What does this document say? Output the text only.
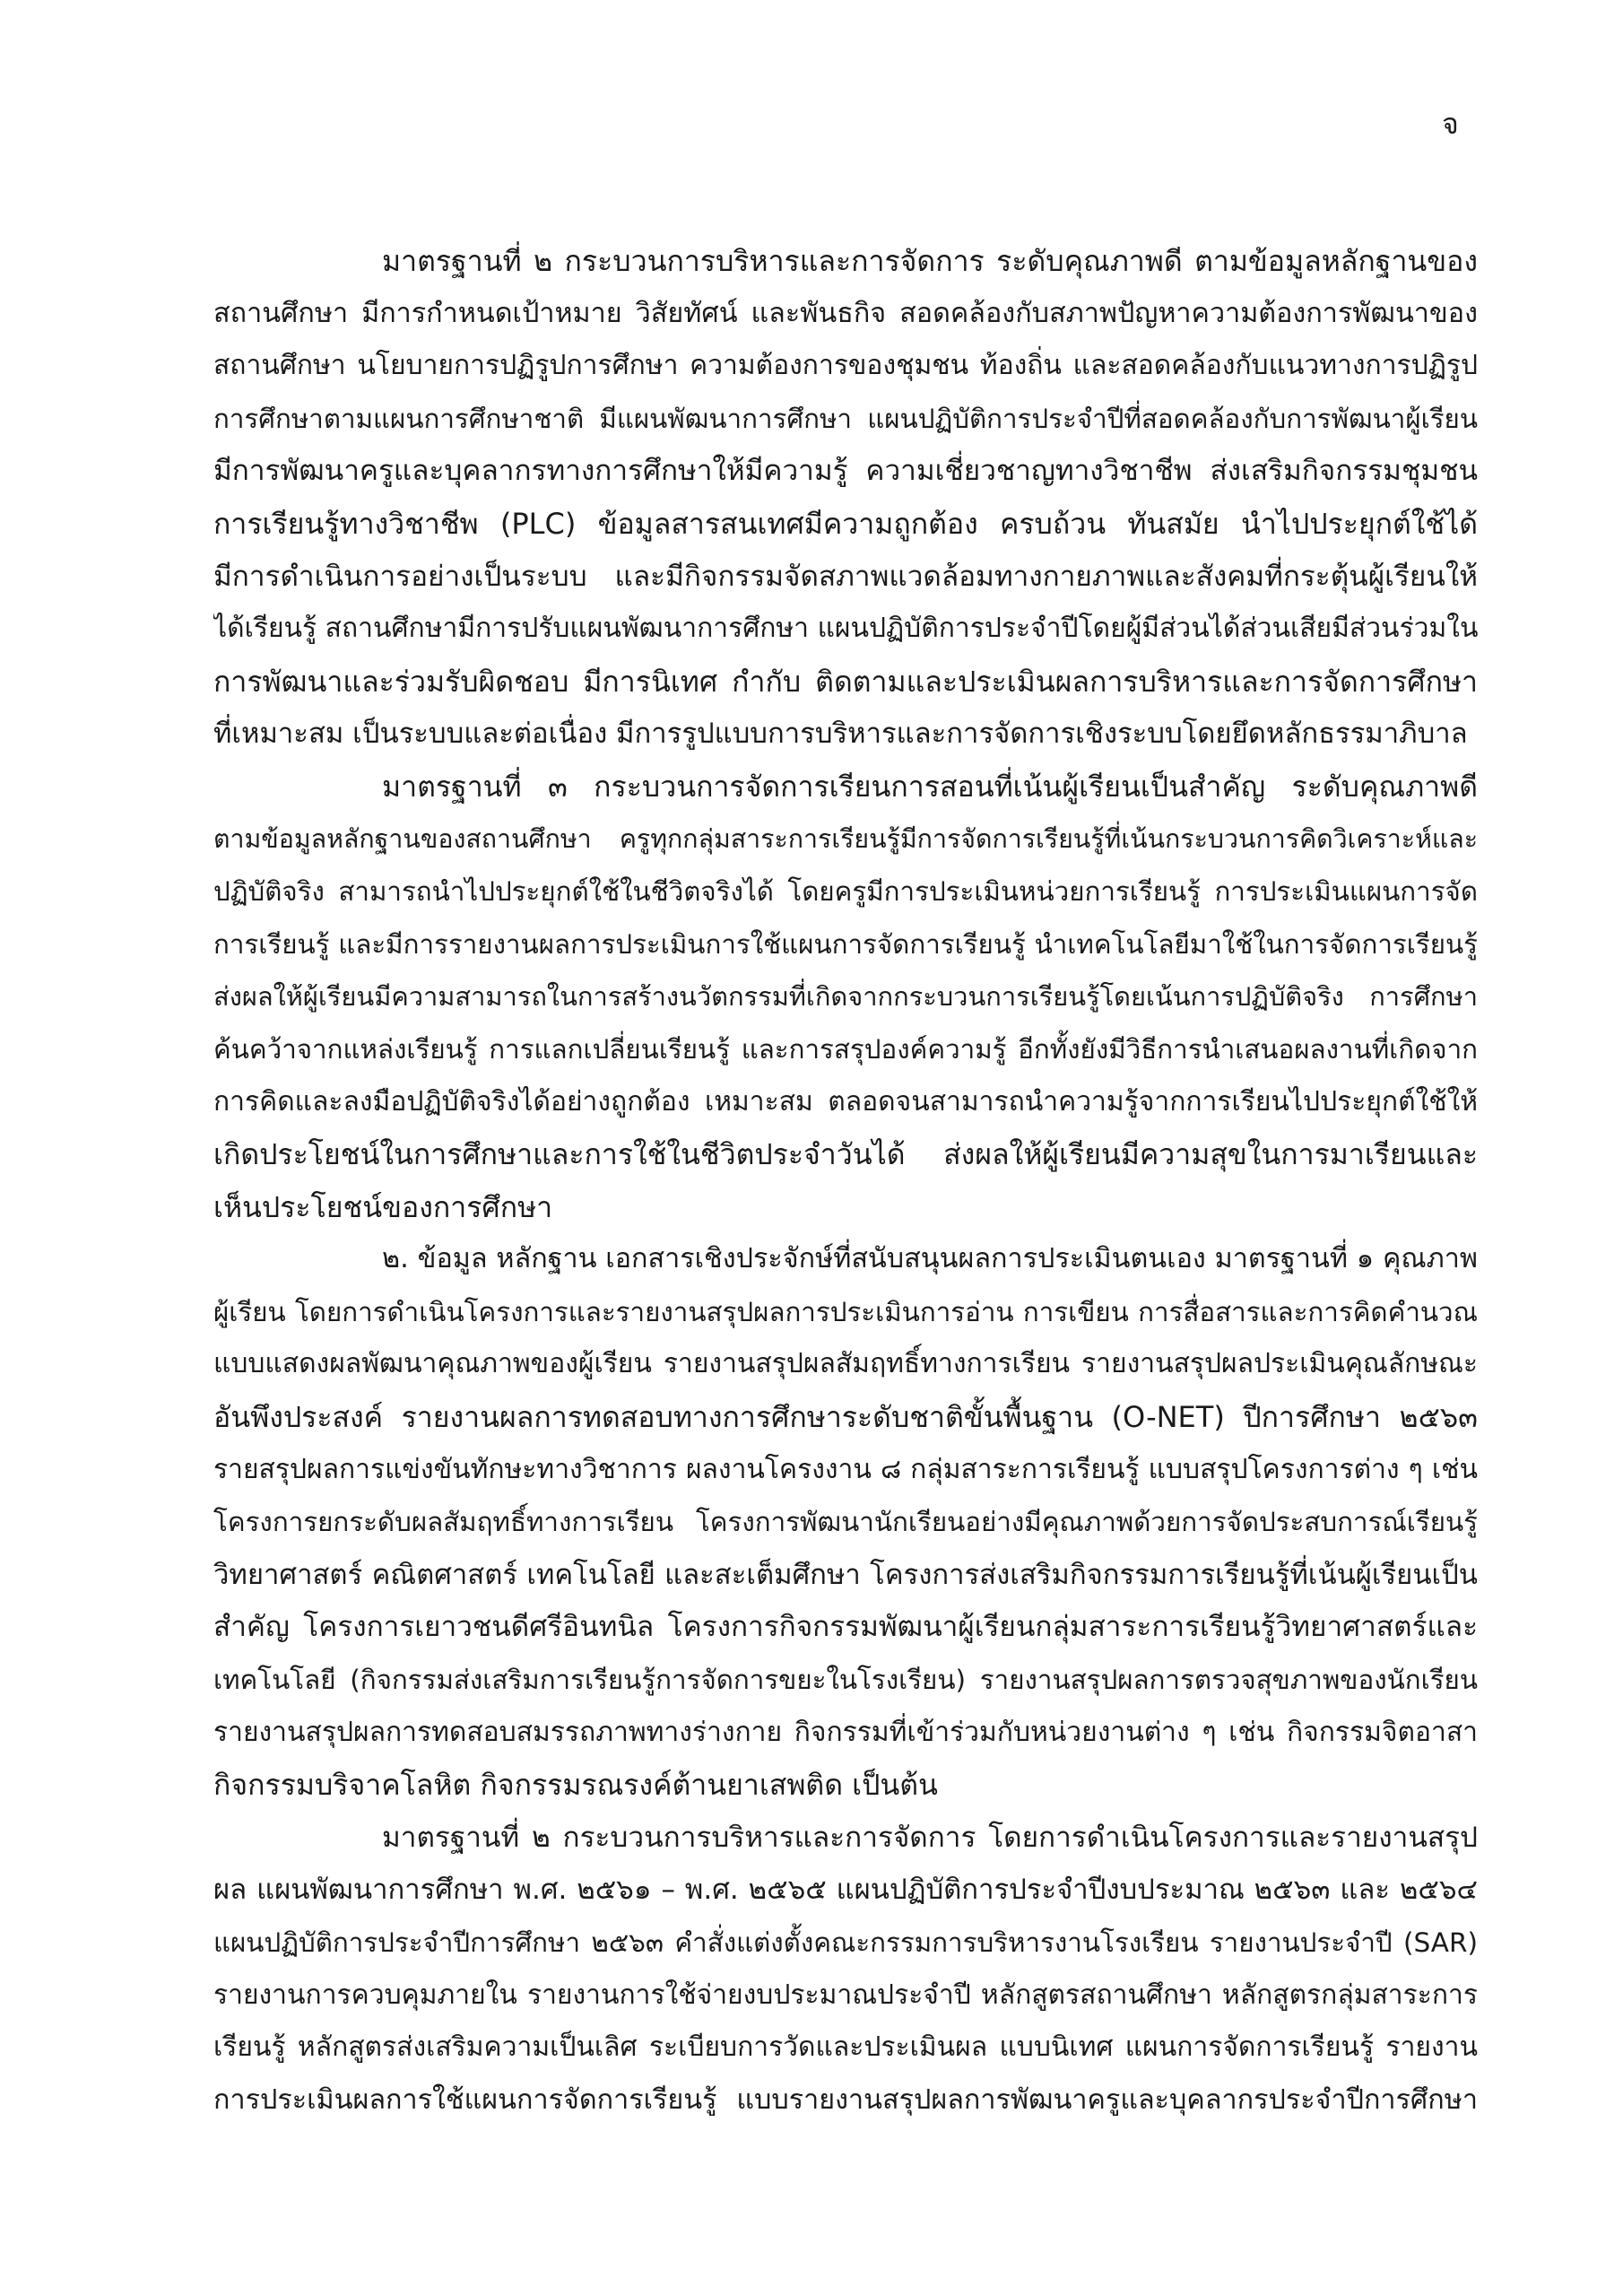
จ
มาตรฐานที่ ๒ กระบวนการบริหารและการจัดการ ระดับคุณภาพดี ตามข้อมูลหลักฐานของ
สถานศึกษา มีการกำหนดเป้าหมาย วิสัยทัศน์ และพันธกิจ สอดคล้องกับสภาพปัญหาความต้องการพัฒนาของ
สถานศึกษา นโยบายการปฏิรูปการศึกษา ความต้องการของชุมชน ท้องถิ่น และสอดคล้องกับแนวทางการปฏิรูป
การศึกษาตามแผนการศึกษาชาติ มีแผนพัฒนาการศึกษา แผนปฏิบัติการประจำปีที่สอดคล้องกับการพัฒนาผู้เรียน
มีการพัฒนาครูและบุคลากรทางการศึกษาให้มีความรู้ ความเชี่ยวชาญทางวิชาชีพ ส่งเสริมกิจกรรมชุมชน
การเรียนรู้ทางวิชาชีพ (PLC) ข้อมูลสารสนเทศมีความถูกต้อง ครบถ้วน ทันสมัย นำไปประยุกต์ใช้ได้
มีการดำเนินการอย่างเป็นระบบ และมีกิจกรรมจัดสภาพแวดล้อมทางกายภาพและสังคมที่กระตุ้นผู้เรียนให้
ได้เรียนรู้ สถานศึกษามีการปรับแผนพัฒนาการศึกษา แผนปฏิบัติการประจำปีโดยผู้มีส่วนได้ส่วนเสียมีส่วนร่วมใน
การพัฒนาและร่วมรับผิดชอบ มีการนิเทศ กำกับ ติดตามและประเมินผลการบริหารและการจัดการศึกษา
ที่เหมาะสม เป็นระบบและต่อเนื่อง มีการรูปแบบการบริหารและการจัดการเชิงระบบโดยยึดหลักธรรมาภิบาล
มาตรฐานที่ ๓ กระบวนการจัดการเรียนการสอนที่เน้นผู้เรียนเป็นสำคัญ ระดับคุณภาพดี
ตามข้อมูลหลักฐานของสถานศึกษา ครูทุกกลุ่มสาระการเรียนรู้มีการจัดการเรียนรู้ที่เน้นกระบวนการคิดวิเคราะห์และ
ปฏิบัติจริง สามารถนำไปประยุกต์ใช้ในชีวิตจริงได้ โดยครูมีการประเมินหน่วยการเรียนรู้ การประเมินแผนการจัด
การเรียนรู้ และมีการรายงานผลการประเมินการใช้แผนการจัดการเรียนรู้ นำเทคโนโลยีมาใช้ในการจัดการเรียนรู้
ส่งผลให้ผู้เรียนมีความสามารถในการสร้างนวัตกรรมที่เกิดจากกระบวนการเรียนรู้โดยเน้นการปฏิบัติจริง การศึกษา
ค้นคว้าจากแหล่งเรียนรู้ การแลกเปลี่ยนเรียนรู้ และการสรุปองค์ความรู้ อีกทั้งยังมีวิธีการนำเสนอผลงานที่เกิดจาก
การคิดและลงมือปฏิบัติจริงได้อย่างถูกต้อง เหมาะสม ตลอดจนสามารถนำความรู้จากการเรียนไปประยุกต์ใช้ให้
เกิดประโยชน์ในการศึกษาและการใช้ในชีวิตประจำวันได้ ส่งผลให้ผู้เรียนมีความสุขในการมาเรียนและ
เห็นประโยชน์ของการศึกษา
๒. ข้อมูล หลักฐาน เอกสารเชิงประจักษ์ที่สนับสนุนผลการประเมินตนเอง มาตรฐานที่ ๑ คุณภาพ
ผู้เรียน โดยการดำเนินโครงการและรายงานสรุปผลการประเมินการอ่าน การเขียน การสื่อสารและการคิดคำนวณ
แบบแสดงผลพัฒนาคุณภาพของผู้เรียน รายงานสรุปผลสัมฤทธิ์ทางการเรียน รายงานสรุปผลประเมินคุณลักษณะ
อันพึงประสงค์ รายงานผลการทดสอบทางการศึกษาระดับชาติขั้นพื้นฐาน (O-NET) ปีการศึกษา ๒๕๖๓
รายสรุปผลการแข่งขันทักษะทางวิชาการ ผลงานโครงงาน ๘ กลุ่มสาระการเรียนรู้ แบบสรุปโครงการต่าง ๆ เช่น
โครงการยกระดับผลสัมฤทธิ์ทางการเรียน โครงการพัฒนานักเรียนอย่างมีคุณภาพด้วยการจัดประสบการณ์เรียนรู้
วิทยาศาสตร์ คณิตศาสตร์ เทคโนโลยี และสะเต็มศึกษา โครงการส่งเสริมกิจกรรมการเรียนรู้ที่เน้นผู้เรียนเป็น
สำคัญ โครงการเยาวชนดีศรีอินทนิล โครงการกิจกรรมพัฒนาผู้เรียนกลุ่มสาระการเรียนรู้วิทยาศาสตร์และ
เทคโนโลยี (กิจกรรมส่งเสริมการเรียนรู้การจัดการขยะในโรงเรียน) รายงานสรุปผลการตรวจสุขภาพของนักเรียน
รายงานสรุปผลการทดสอบสมรรถภาพทางร่างกาย กิจกรรมที่เข้าร่วมกับหน่วยงานต่าง ๆ เช่น กิจกรรมจิตอาสา
กิจกรรมบริจาคโลหิต กิจกรรมรณรงค์ต้านยาเสพติด เป็นต้น
มาตรฐานที่ ๒ กระบวนการบริหารและการจัดการ โดยการดำเนินโครงการและรายงานสรุป
ผล แผนพัฒนาการศึกษา พ.ศ. ๒๕๖๑ – พ.ศ. ๒๕๖๕ แผนปฏิบัติการประจำปีงบประมาณ ๒๕๖๓ และ ๒๕๖๔
แผนปฏิบัติการประจำปีการศึกษา ๒๕๖๓ คำสั่งแต่งตั้งคณะกรรมการบริหารงานโรงเรียน รายงานประจำปี (SAR)
รายงานการควบคุมภายใน รายงานการใช้จ่ายงบประมาณประจำปี หลักสูตรสถานศึกษา หลักสูตรกลุ่มสาระการ
เรียนรู้ หลักสูตรส่งเสริมความเป็นเลิศ ระเบียบการวัดและประเมินผล แบบนิเทศ แผนการจัดการเรียนรู้ รายงาน
การประเมินผลการใช้แผนการจัดการเรียนรู้ แบบรายงานสรุปผลการพัฒนาครูและบุคลากรประจำปีการศึกษา
